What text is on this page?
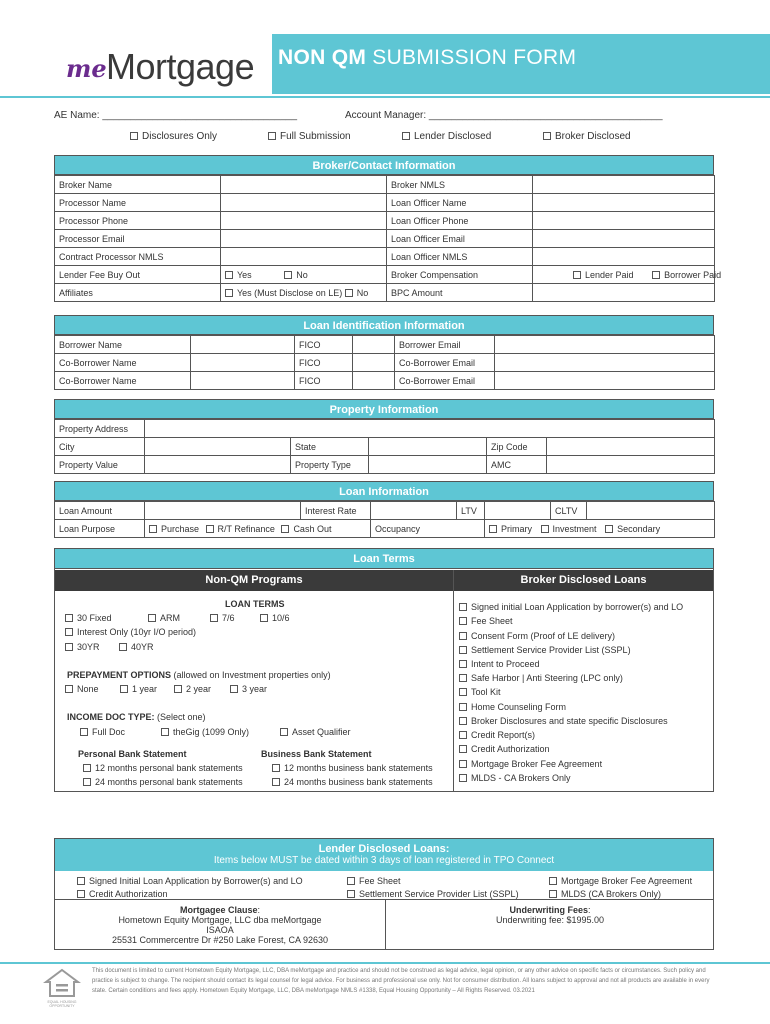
me Mortgage NON QM SUBMISSION FORM
AE Name: ___________________________________	Account Manager: __________________________________________
Disclosures Only	Full Submission	Lender Disclosed	Broker Disclosed
Broker/Contact Information
Broker Name		Broker NMLS	
Processor Name		Loan Officer Name	
Processor Phone		Loan Officer Phone	
Processor Email		Loan Officer Email	
Contract Processor NMLS		Loan Officer NMLS	
Lender Fee Buy Out	Yes No	Broker Compensation	Lender Paid Borrower Paid
Affiliates	Yes (Must Disclose on LE) No	BPC Amount	
Loan Identification Information
Borrower Name		FICO		Borrower Email	
Co-Borrower Name		FICO		Co-Borrower Email	
Co-Borrower Name		FICO		Co-Borrower Email	
Property Information
Property Address					
City		State		Zip Code	
Property Value		Property Type		AMC	
Loan Information
Loan Amount		Interest Rate		LTV		CLTV	
Loan Purpose	Purchase R/T Refinance Cash Out		Occupancy		Primary Investment Secondary		
Loan Terms
Non-QM Programs	Broker Disclosed Loans
LOAN TERMS
30 Fixed	ARM	7/6	10/6
Interest Only (10yr I/O period)
30YR	40YR
PREPAYMENT OPTIONS (allowed on Investment properties only)
None	1 year	2 year	3 year
INCOME DOC TYPE: (Select one)
Full Doc	theGig (1099 Only)	Asset Qualifier
Personal Bank Statement	Business Bank Statement
12 months personal bank statements
24 months personal bank statements
12 months business bank statements
24 months business bank statements
Signed initial Loan Application by borrower(s) and LO
Fee Sheet
Consent Form (Proof of LE delivery)
Settlement Service Provider List (SSPL)
Intent to Proceed
Safe Harbor | Anti Steering (LPC only)
Tool Kit
Home Counseling Form
Broker Disclosures and state specific Disclosures
Credit Report(s)
Credit Authorization
Mortgage Broker Fee Agreement
MLDS - CA Brokers Only
Lender Disclosed Loans:
Items below MUST be dated within 3 days of loan registered in TPO Connect
Signed Initial Loan Application by Borrower(s) and LO
Credit Authorization
Fee Sheet
Settlement Service Provider List (SSPL)
Mortgage Broker Fee Agreement
MLDS (CA Brokers Only)
Mortgagee Clause:
Hometown Equity Mortgage, LLC dba meMortgage
ISAOA
25531 Commercentre Dr #250 Lake Forest, CA 92630
Underwriting Fees:
Underwriting fee: $1995.00
EQUAL HOUSING OPPORTUNITY
This document is limited to current Hometown Equity Mortgage, LLC, DBA meMortgage and practice and should not be construed as legal advice, legal opinion, or any other advice on specific facts or circumstances. Such policy and practice is subject to change. The recipient should contact its legal counsel for legal advice. For business and professional use only. Not for consumer distribution. All loans subject to approval and not all products are available in every state. Certain conditions and fees apply. Hometown Equity Mortgage, LLC, DBA meMortgage NMLS #1338, Equal Housing Opportunity – All Rights Reserved. 03.2021
